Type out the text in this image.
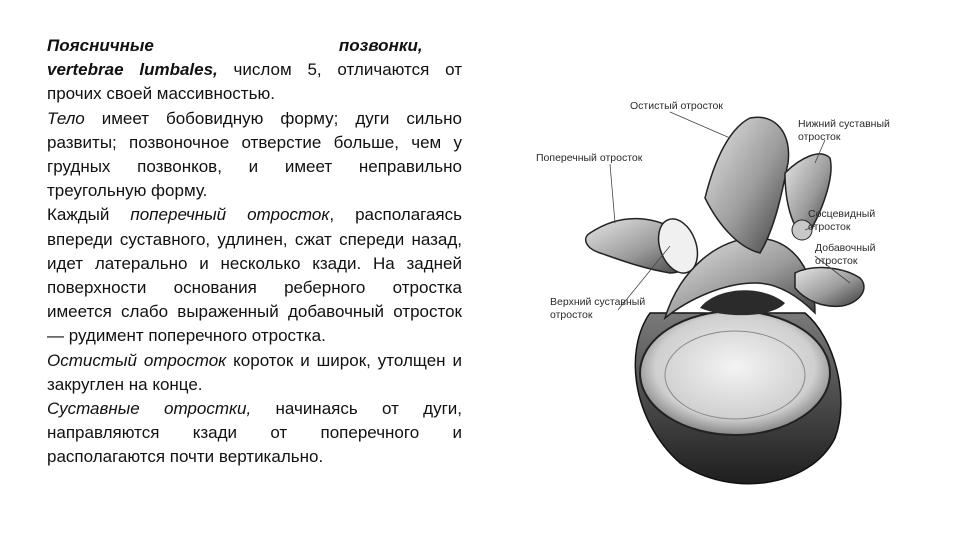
Поясничные	позвонки,

vertebrae lumbales, числом 5, отличаются от прочих своей массивностью.

Тело имеет бобовидную форму; дуги сильно развиты; позвоночное отверстие больше, чем у грудных позвонков, и имеет неправильно треугольную форму.

Каждый поперечный отросток, располагаясь впереди суставного, удлинен, сжат спереди назад, идет латерально и несколько кзади. На задней поверхности основания реберного отростка имеется слабо выраженный добавочный отросток — рудимент поперечного отростка.

Остистый отросток короток и широк, утолщен и закруглен на конце.

Суставные отростки, начинаясь от дуги, направляются кзади от поперечного и располагаются почти вертикально.

Остистый отросток
Нижний суставный
отросток
Поперечный отросток
Сосцевидный
отросток
Добавочный
отросток
Верхний суставный
отросток
